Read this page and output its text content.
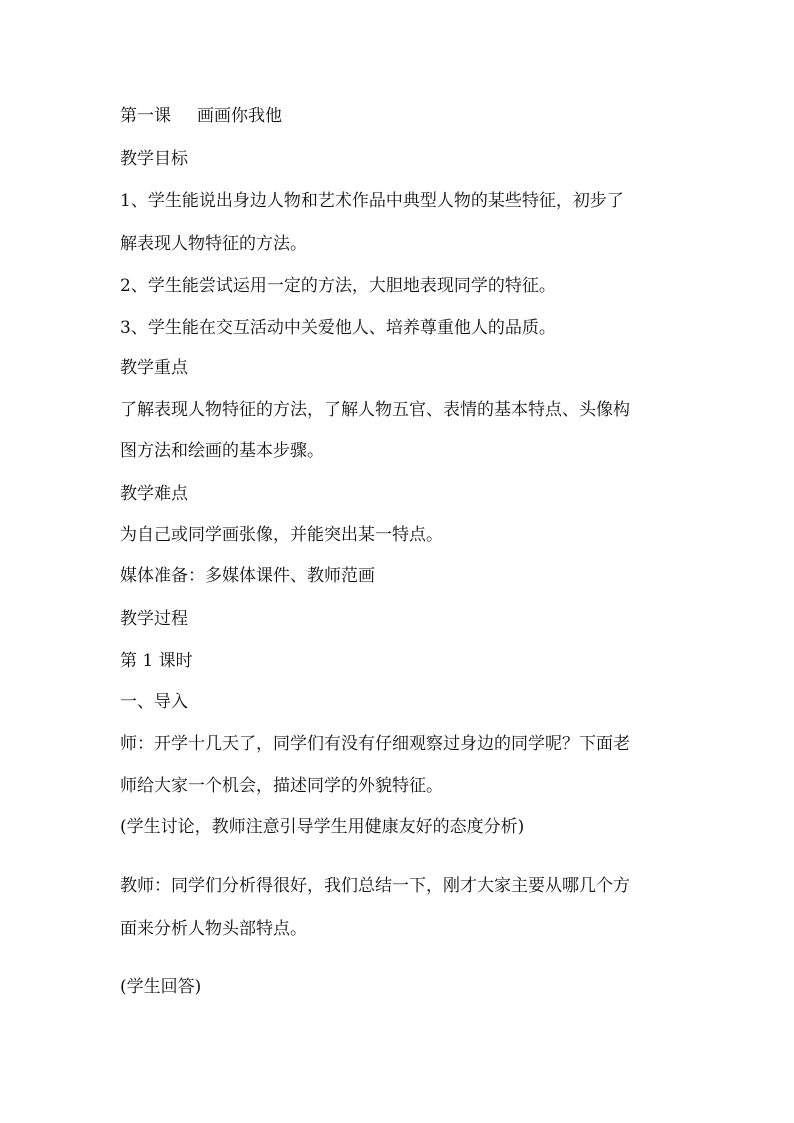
第一课 画画你我他
教学目标
1、学生能说出身边人物和艺术作品中典型人物的某些特征，初步了
解表现人物特征的方法。
2、学生能尝试运用一定的方法，大胆地表现同学的特征。
3、学生能在交互活动中关爱他人、培养尊重他人的品质。
教学重点
了解表现人物特征的方法，了解人物五官、表情的基本特点、头像构
图方法和绘画的基本步骤。
教学难点
为自己或同学画张像，并能突出某一特点。
媒体准备：多媒体课件、教师范画
教学过程
第 1 课时
一、导入
师：开学十几天了，同学们有没有仔细观察过身边的同学呢？下面老
师给大家一个机会，描述同学的外貌特征。
(学生讨论，教师注意引导学生用健康友好的态度分析)
教师：同学们分析得很好，我们总结一下，刚才大家主要从哪几个方
面来分析人物头部特点。
(学生回答)
